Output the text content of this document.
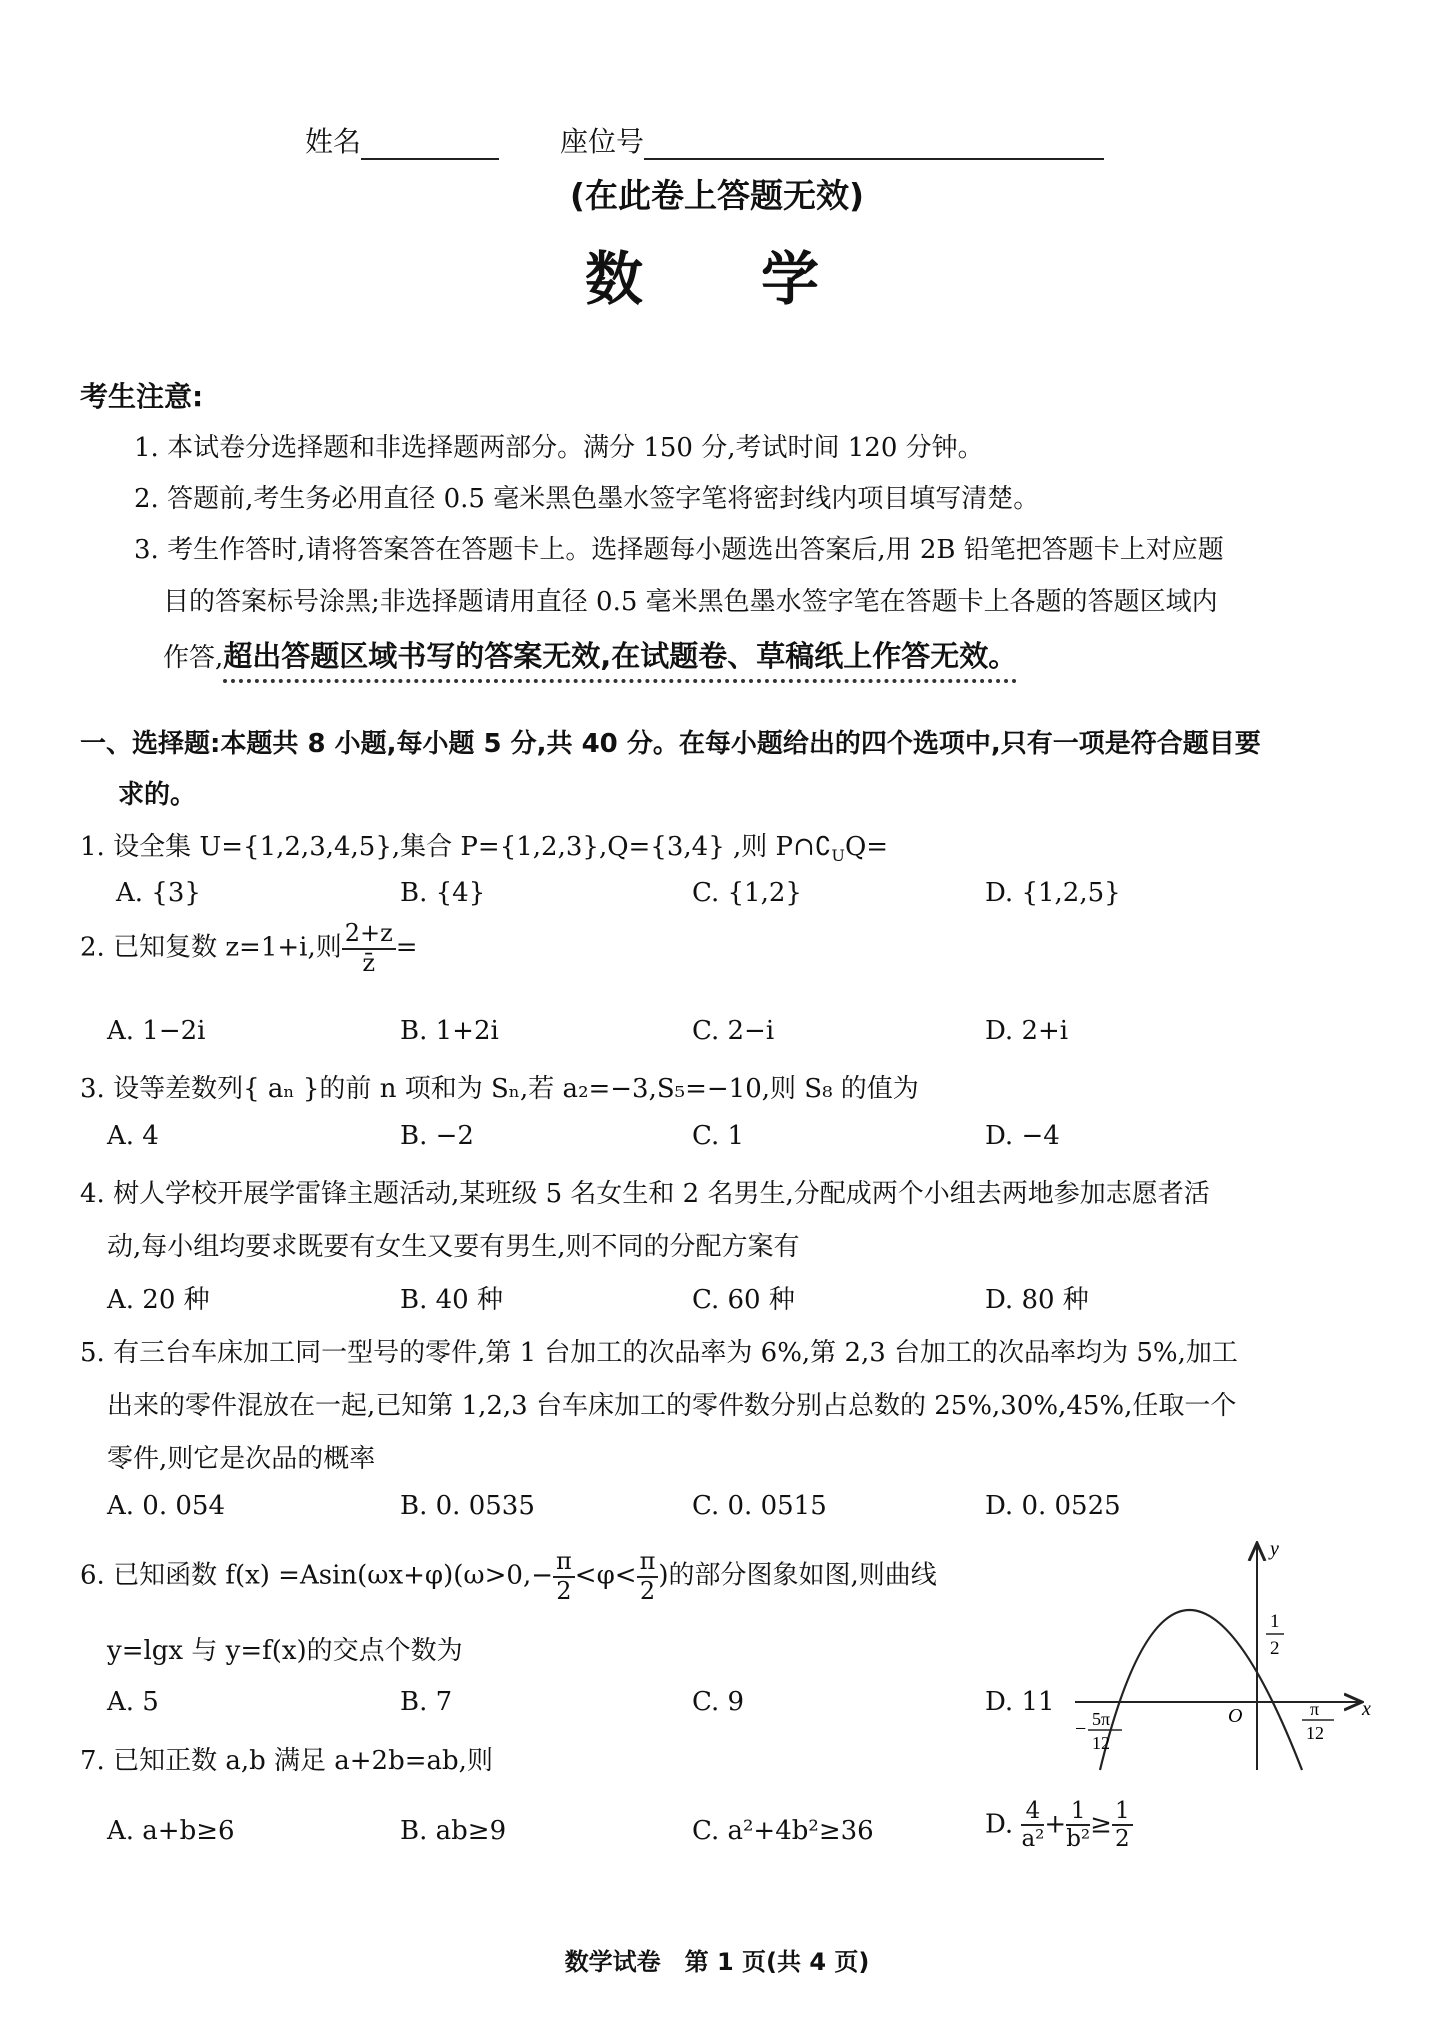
姓名	座位号
(在此卷上答题无效)
数　学
考生注意:
1. 本试卷分选择题和非选择题两部分。满分 150 分,考试时间 120 分钟。
2. 答题前,考生务必用直径 0.5 毫米黑色墨水签字笔将密封线内项目填写清楚。
3. 考生作答时,请将答案答在答题卡上。选择题每小题选出答案后,用 2B 铅笔把答题卡上对应题
目的答案标号涂黑;非选择题请用直径 0.5 毫米黑色墨水签字笔在答题卡上各题的答题区域内
作答,超出答题区域书写的答案无效,在试题卷、草稿纸上作答无效。
一、选择题:本题共 8 小题,每小题 5 分,共 40 分。在每小题给出的四个选项中,只有一项是符合题目要
求的。
1. 设全集 U={1,2,3,4,5},集合 P={1,2,3},Q={3,4} ,则 $P\cap∁_UQ=$
A. {3}	B. {4}	C. {1,2}	D. {1,2,5}
2. 已知复数 z=1+i,则 $\frac{2+z}{z̄}$ =
A. 1−2i	B. 1+2i	C. 2−i	D. 2+i
3. 设等差数列{ aₙ }的前 n 项和为 Sₙ,若 a₂=−3,S₅=−10,则 S₈ 的值为
A. 4	B. −2	C. 1	D. −4
4. 树人学校开展学雷锋主题活动,某班级 5 名女生和 2 名男生,分配成两个小组去两地参加志愿者活
动,每小组均要求既要有女生又要有男生,则不同的分配方案有
A. 20 种	B. 40 种	C. 60 种	D. 80 种
5. 有三台车床加工同一型号的零件,第 1 台加工的次品率为 6%,第 2,3 台加工的次品率均为 5%,加工
出来的零件混放在一起,已知第 1,2,3 台车床加工的零件数分别占总数的 25%,30%,45%,任取一个
零件,则它是次品的概率
A. 0. 054	B. 0. 0535	C. 0. 0515	D. 0. 0525
6. 已知函数 $f(x) =Asin(\omega x+\varphi)(\omega>0,- \frac{\pi}{2} <\varphi< \frac{\pi}{2}$ )的部分图象如图,则曲线
y=lgx 与 y=f(x)的交点个数为
A. 5	B. 7	C. 9	D. 11
y
x
O
1
2
− 5π
12
π
12
7. 已知正数 a,b 满足 a+2b=ab,则
A. a+b≥6	B. ab≥9	C. a²+4b²≥36	D. $\frac{4}{\text{a²}} + \frac{1}{\text{b²}} \ge \frac{1}{2}$
数学试卷　第 1 页(共 4 页)
